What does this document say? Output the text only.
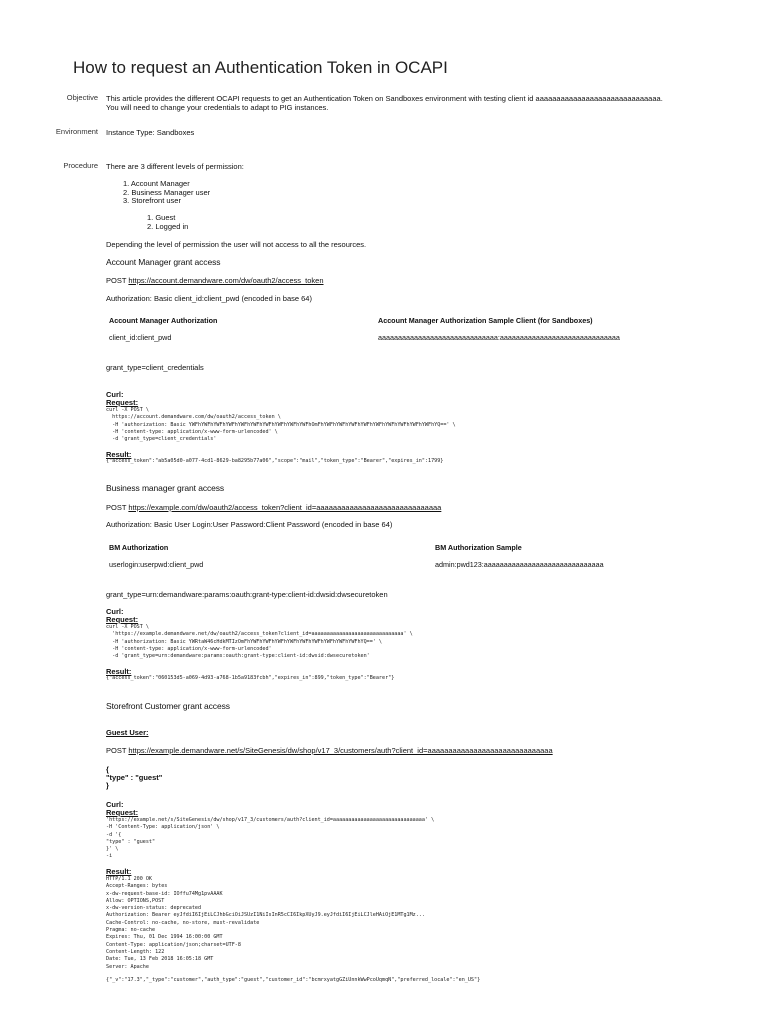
How to request an Authentication Token in OCAPI
Objective This article provides the different OCAPI requests to get an Authentication Token on Sandboxes environment with testing client id aaaaaaaaaaaaaaaaaaaaaaaaaaaaaa.
You will need to change your credentials to adapt to PIG instances.
Environment Instance Type: Sandboxes
Procedure There are 3 different levels of permission:
1. Account Manager
2. Business Manager user
3. Storefront user
1. Guest
2. Logged in
Depending the level of permission the user will not access to all the resources.
Account Manager grant access
POST https://account.demandware.com/dw/oauth2/access_token
Authorization: Basic client_id:client_pwd (encoded in base 64)
Account Manager Authorization	Account Manager Authorization Sample Client (for Sandboxes)
client_id:client_pwd	aaaaaaaaaaaaaaaaaaaaaaaaaaaaaa:aaaaaaaaaaaaaaaaaaaaaaaaaaaaaa
grant_type=client_credentials
Curl:
Request:
curl -X POST \
https://account.demandware.com/dw/oauth2/access_token \
-H 'authorization: Basic YWFhYWFhYWFhYWFhYWFhYWFhYWFhYWFhYWFhYWFhOmFhYWFhYWFhYWFhYWFhYWFhYWFhYWFhYWFhYWFhYQ==' \
-H 'content-type: application/x-www-form-urlencoded' \
-d 'grant_type=client_credentials'
Result:
{"access_token":"ab5a05d0-a077-4cd1-8629-ba8295b77a06","scope":"mail","token_type":"Bearer","expires_in":1799}
Business manager grant access
POST https://example.com/dw/oauth2/access_token?client_id=aaaaaaaaaaaaaaaaaaaaaaaaaaaaaa
Authorization: Basic User Login:User Password:Client Password (encoded in base 64)
BM Authorization	BM Authorization Sample
userlogin:userpwd:client_pwd	admin:pwd123:aaaaaaaaaaaaaaaaaaaaaaaaaaaaaa
grant_type=urn:demandware:params:oauth:grant-type:client-id:dwsid:dwsecuretoken
Curl:
Request:
curl -X POST \
'https://example.demandware.net/dw/oauth2/access_token?client_id=aaaaaaaaaaaaaaaaaaaaaaaaaaaaaa' \
-H 'authorization: Basic YWRtaW46cHdkMTIzOmFhYWFhYWFhYWFhYWFhYWFhYWFhYWFhYWFhYWFhYQ==' \
-H 'content-type: application/x-www-form-urlencoded'
-d 'grant_type=urn:demandware:params:oauth:grant-type:client-id:dwsid:dwsecuretoken'
Result:
{"access_token":"060153d5-a069-4d93-a768-1b5a9183fcbh","expires_in":899,"token_type":"Bearer"}
Storefront Customer grant access
Guest User:
POST https://example.demandware.net/s/SiteGenesis/dw/shop/v17_3/customers/auth?client_id=aaaaaaaaaaaaaaaaaaaaaaaaaaaaaa
{
"type" : "guest"
}
Curl:
Request:
'https://example.net/s/SiteGenesis/dw/shop/v17_3/customers/auth?client_id=aaaaaaaaaaaaaaaaaaaaaaaaaaaaaa' \
-H 'Content-Type: application/json' \
-d '{
"type" : "guest"
}' \
-i
Result:
HTTP/1.1 200 OK
Accept-Ranges: bytes
x-dw-request-base-id: IOffu74Mg1pvAAAK
Allow: OPTIONS,POST
x-dw-version-status: deprecated
Authorization: Bearer eyJfdiI6IjEiLCJhbGciOiJSUzI1NiIsInR5cCI6IkpXUyJ9.eyJfdiI6IjEiLCJleHAiOjE1MTg1Mz...
Cache-Control: no-cache, no-store, must-revalidate
Pragma: no-cache
Expires: Thu, 01 Dec 1994 16:00:00 GMT
Content-Type: application/json;charset=UTF-8
Content-Length: 122
Date: Tue, 13 Feb 2018 16:05:18 GMT
Server: Apache
{"_v":"17.3","_type":"customer","auth_type":"guest","customer_id":"bcmrxyatgGZiUnnkWwPcoUqmqN","preferred_locale":"en_US"}
